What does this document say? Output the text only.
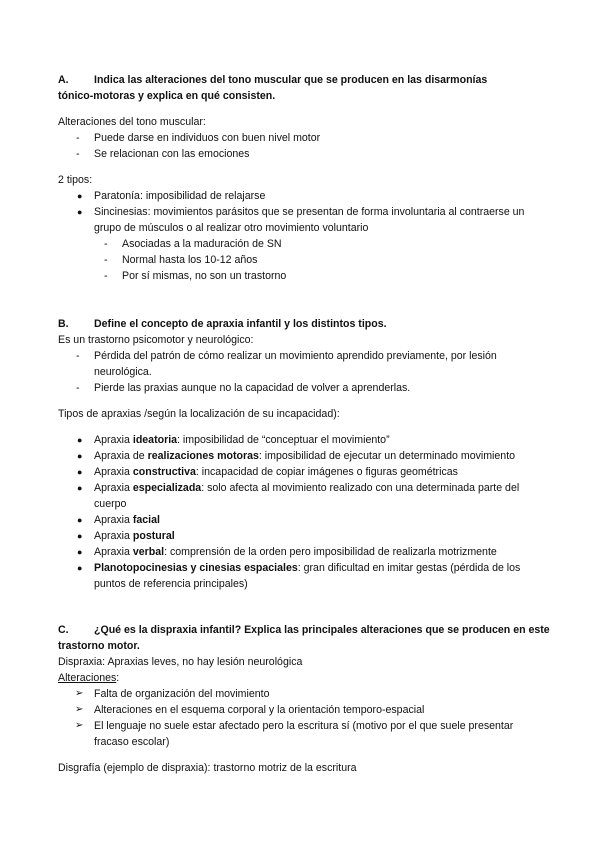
A. Indica las alteraciones del tono muscular que se producen en las disarmonías
tónico-motoras y explica en qué consisten.
Alteraciones del tono muscular:
- Puede darse en individuos con buen nivel motor
- Se relacionan con las emociones
2 tipos:
● Paratonía: imposibilidad de relajarse
● Sincinesias: movimientos parásitos que se presentan de forma involuntaria al contraerse un
grupo de músculos o al realizar otro movimiento voluntario
- Asociadas a la maduración de SN
- Normal hasta los 10-12 años
- Por sí mismas, no son un trastorno
B. Define el concepto de apraxia infantil y los distintos tipos.
Es un trastorno psicomotor y neurológico:
- Pérdida del patrón de cómo realizar un movimiento aprendido previamente, por lesión
neurológica.
- Pierde las praxias aunque no la capacidad de volver a aprenderlas.
Tipos de apraxias /según la localización de su incapacidad):
● Apraxia ideatoria: imposibilidad de “conceptuar el movimiento”
● Apraxia de realizaciones motoras: imposibilidad de ejecutar un determinado movimiento
● Apraxia constructiva: incapacidad de copiar imágenes o figuras geométricas
● Apraxia especializada: solo afecta al movimiento realizado con una determinada parte del
cuerpo
● Apraxia facial
● Apraxia postural
● Apraxia verbal: comprensión de la orden pero imposibilidad de realizarla motrizmente
● Planotopocinesias y cinesias espaciales: gran dificultad en imitar gestas (pérdida de los
puntos de referencia principales)
C. ¿Qué es la dispraxia infantil? Explica las principales alteraciones que se producen en este
trastorno motor.
Dispraxia: Apraxias leves, no hay lesión neurológica
Alteraciones:
➢ Falta de organización del movimiento
➢ Alteraciones en el esquema corporal y la orientación temporo-espacial
➢ El lenguaje no suele estar afectado pero la escritura sí (motivo por el que suele presentar
fracaso escolar)
Disgrafía (ejemplo de dispraxia): trastorno motriz de la escritura
